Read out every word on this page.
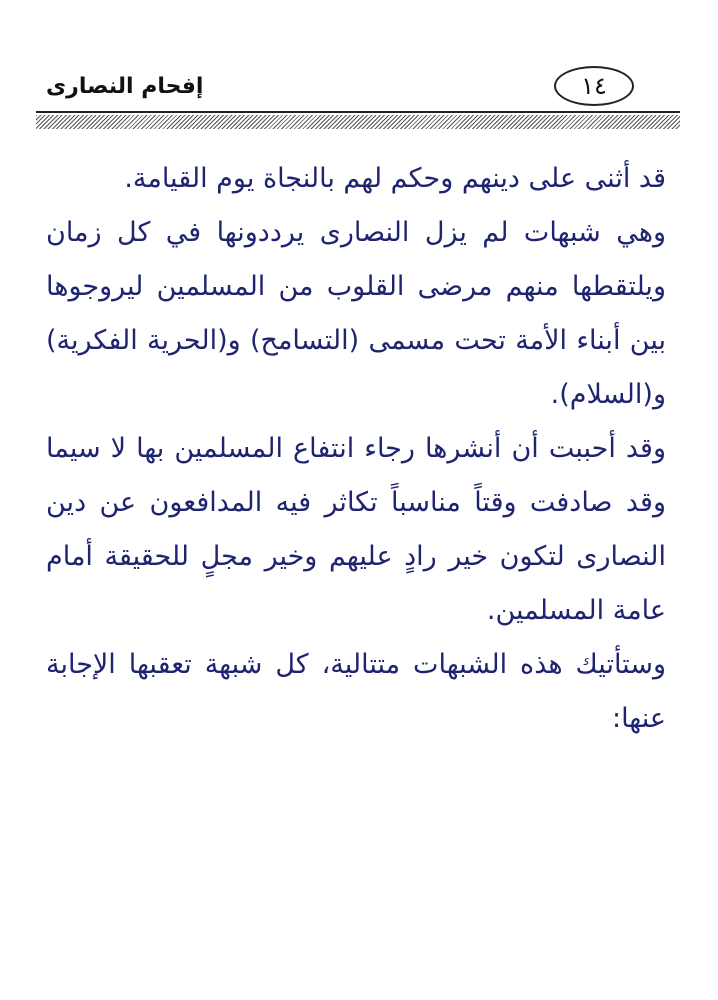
إفحام النصارى	١٤

قد أثنى على دينهم وحكم لهم بالنجاة يوم القيامة.

وهي شبهات لم يزل النصارى يرددونها في كل زمان ويلتقطها منهم مرضى القلوب من المسلمين ليروجوها بين أبناء الأمة تحت مسمى (التسامح) و(الحرية الفكرية) و(السلام).

وقد أحببت أن أنشرها رجاء انتفاع المسلمين بها لا سيما وقد صادفت وقتاً مناسباً تكاثر فيه المدافعون عن دين النصارى لتكون خير رادٍ عليهم وخير مجلٍ للحقيقة أمام عامة المسلمين.

وستأتيك هذه الشبهات متتالية، كل شبهة تعقبها الإجابة عنها:
